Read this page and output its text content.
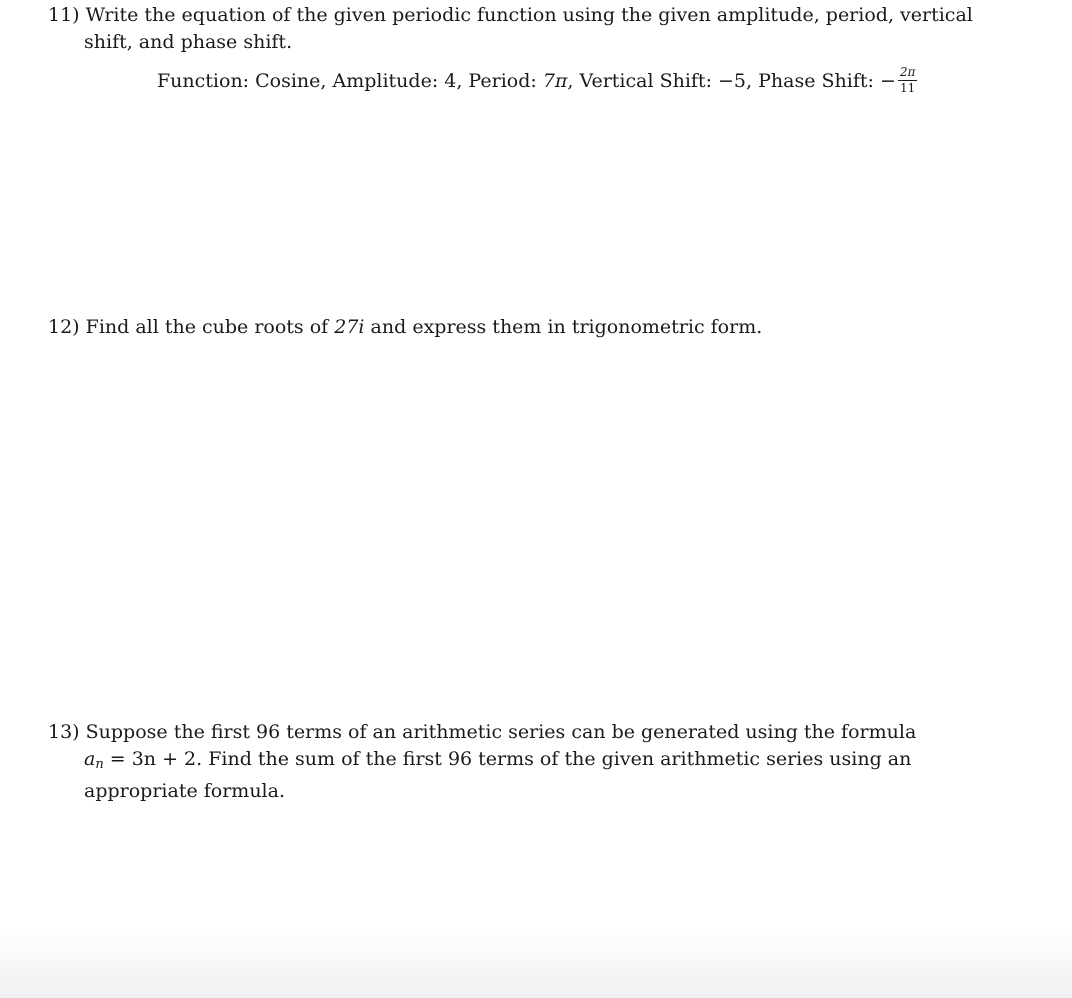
11) Write the equation of the given periodic function using the given amplitude, period, vertical
shift, and phase shift.
Function: Cosine, Amplitude: 4, Period: 7π, Vertical Shift: −5, Phase Shift: − $\frac{2\pi}{11}$
12) Find all the cube roots of 27i and express them in trigonometric form.
13) Suppose the first 96 terms of an arithmetic series can be generated using the formula
$a_n = 3n + 2$. Find the sum of the first 96 terms of the given arithmetic series using an
appropriate formula.
